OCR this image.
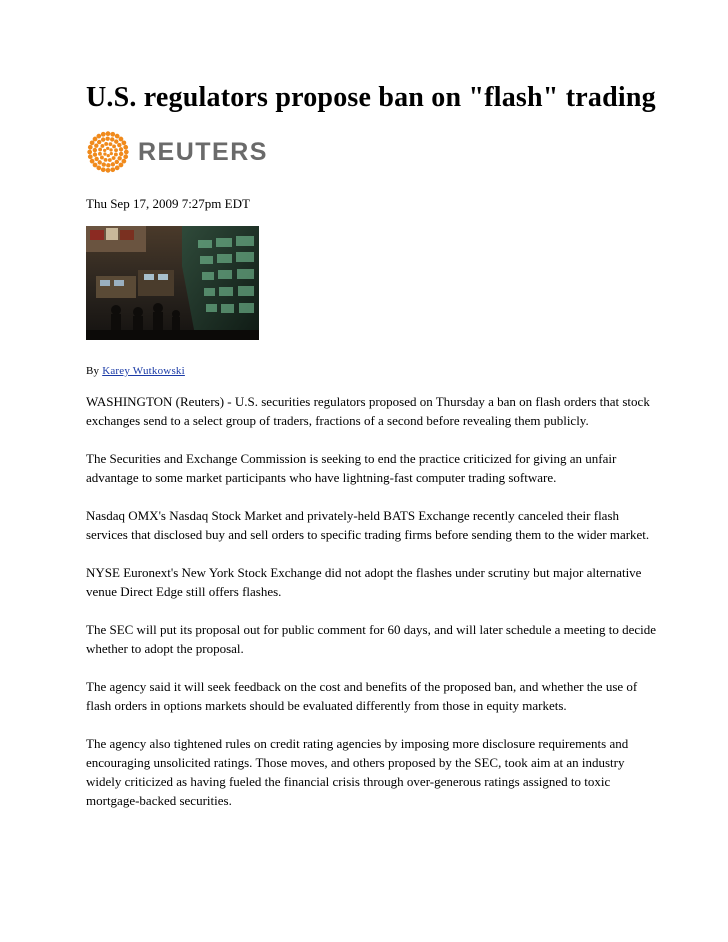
U.S. regulators propose ban on "flash" trading
REUTERS
Thu Sep 17, 2009 7:27pm EDT
By Karey Wutkowski

WASHINGTON (Reuters) - U.S. securities regulators proposed on Thursday a ban on flash orders that stock exchanges send to a select group of traders, fractions of a second before revealing them publicly.

The Securities and Exchange Commission is seeking to end the practice criticized for giving an unfair advantage to some market participants who have lightning-fast computer trading software.

Nasdaq OMX's Nasdaq Stock Market and privately-held BATS Exchange recently canceled their flash services that disclosed buy and sell orders to specific trading firms before sending them to the wider market.

NYSE Euronext's New York Stock Exchange did not adopt the flashes under scrutiny but major alternative venue Direct Edge still offers flashes.

The SEC will put its proposal out for public comment for 60 days, and will later schedule a meeting to decide whether to adopt the proposal.

The agency said it will seek feedback on the cost and benefits of the proposed ban, and whether the use of flash orders in options markets should be evaluated differently from those in equity markets.

The agency also tightened rules on credit rating agencies by imposing more disclosure requirements and encouraging unsolicited ratings. Those moves, and others proposed by the SEC, took aim at an industry widely criticized as having fueled the financial crisis through over-generous ratings assigned to toxic mortgage-backed securities.
